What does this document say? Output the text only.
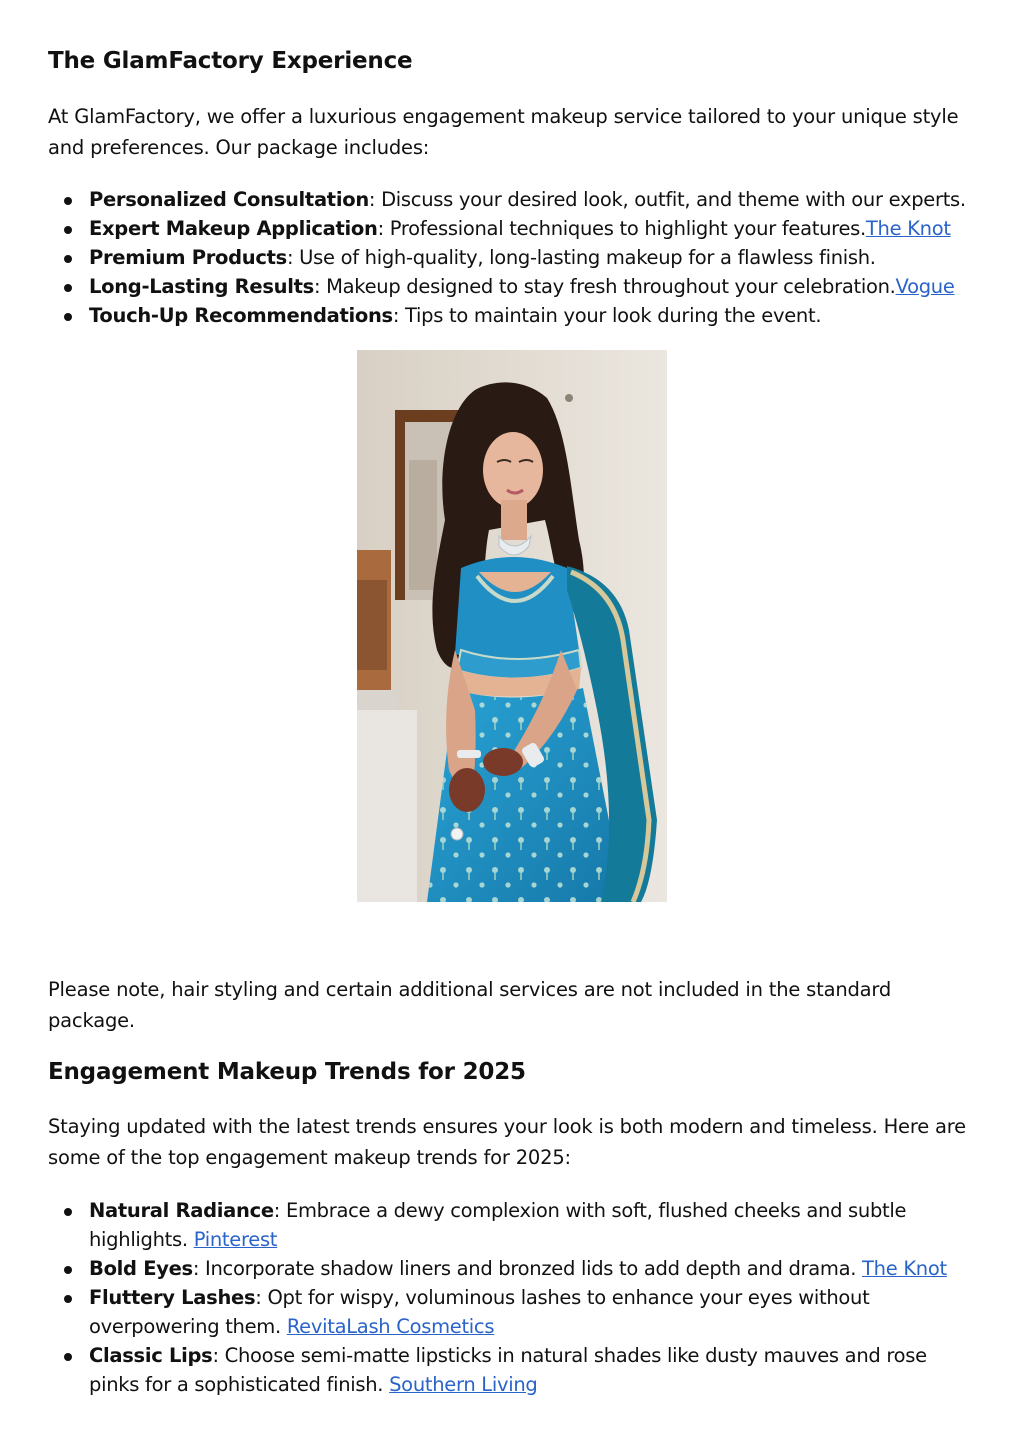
The GlamFactory Experience

At GlamFactory, we offer a luxurious engagement makeup service tailored to your unique style and preferences. Our package includes:

Personalized Consultation: Discuss your desired look, outfit, and theme with our experts.
Expert Makeup Application: Professional techniques to highlight your features.The Knot
Premium Products: Use of high-quality, long-lasting makeup for a flawless finish.
Long-Lasting Results: Makeup designed to stay fresh throughout your celebration.Vogue
Touch-Up Recommendations: Tips to maintain your look during the event.

Please note, hair styling and certain additional services are not included in the standard package.

Engagement Makeup Trends for 2025

Staying updated with the latest trends ensures your look is both modern and timeless. Here are some of the top engagement makeup trends for 2025:

Natural Radiance: Embrace a dewy complexion with soft, flushed cheeks and subtle highlights. Pinterest
Bold Eyes: Incorporate shadow liners and bronzed lids to add depth and drama. The Knot
Fluttery Lashes: Opt for wispy, voluminous lashes to enhance your eyes without overpowering them. RevitaLash Cosmetics
Classic Lips: Choose semi-matte lipsticks in natural shades like dusty mauves and rose pinks for a sophisticated finish. Southern Living
